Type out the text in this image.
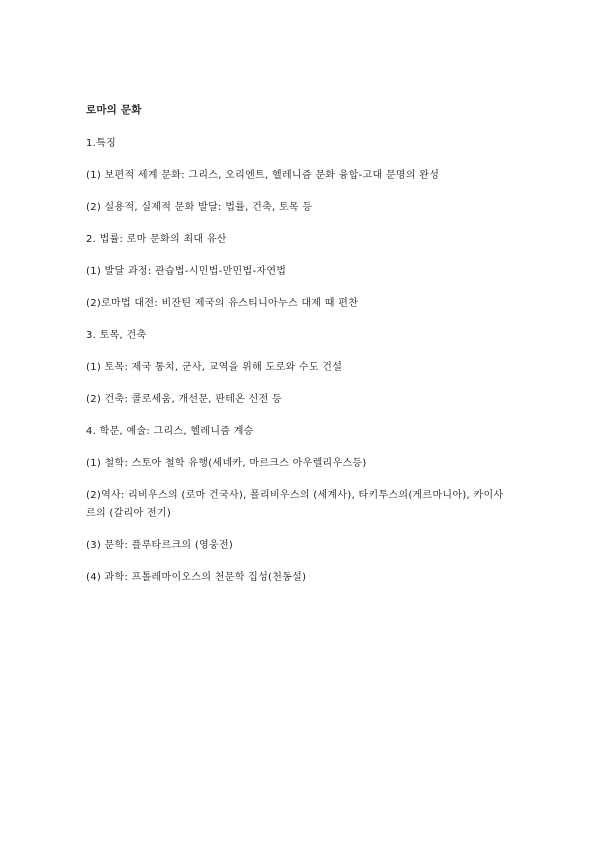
로마의 문화
1.특징
(1) 보편적 세계 문화: 그리스, 오리엔트, 헬레니즘 문화 융합-고대 문명의 완성
(2) 실용적, 실제적 문화 발달: 법률, 건축, 토목 등
2. 법률: 로마 문화의 최대 유산
(1) 발달 과정: 관습법-시민법-만민법-자연법
(2)로마법 대전: 비잔틴 제국의 유스티니아누스 대제 때 편찬
3. 토목, 건축
(1) 토목: 제국 통치, 군사, 교역을 위해 도로와 수도 건설
(2) 건축: 콜로세움, 개선문, 판테온 신전 등
4. 학문, 예술: 그리스, 헬레니즘 계승
(1) 철학: 스토아 철학 유행(세네카, 마르크스 아우렐리우스등)
(2)역사: 리비우스의 (로마 건국사), 폴리비우스의 (세계사), 타키투스의(게르마니아), 카이사               르의 (갈리아 전기)
(3) 문학: 플루타르크의 (영웅전)
(4) 과학: 프톨레마이오스의 천문학 집성(천동설)
